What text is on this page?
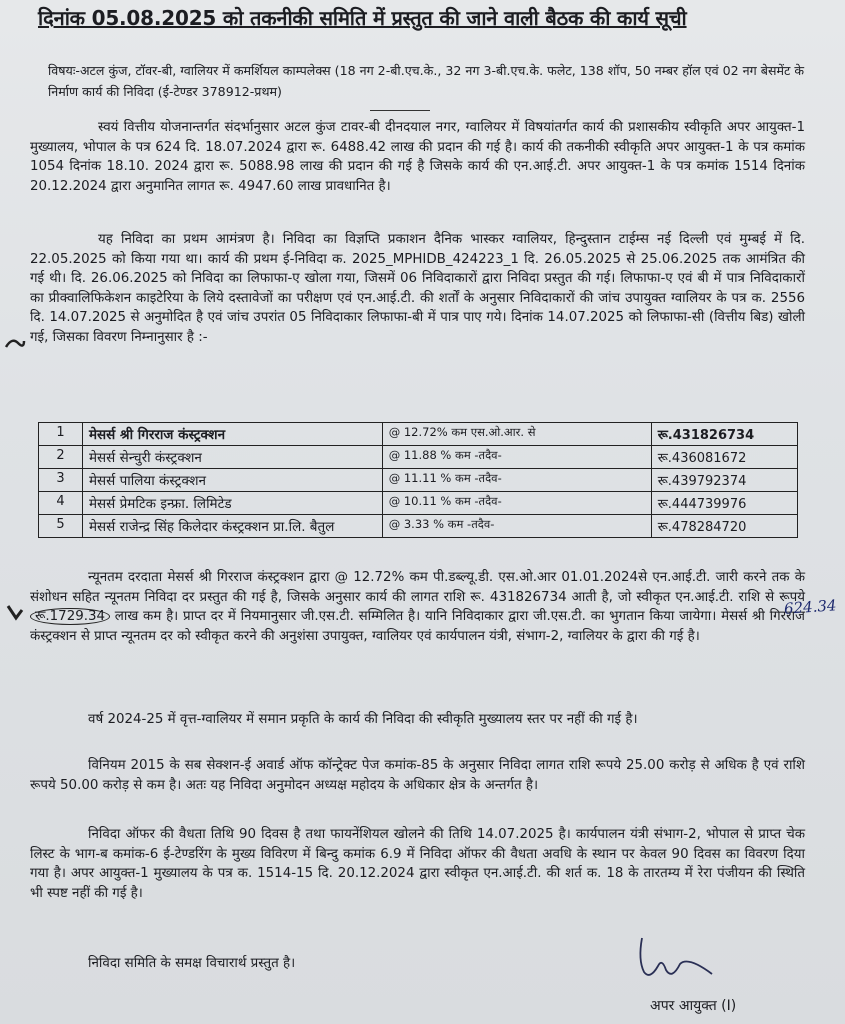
दिनांक 05.08.2025 को तकनीकी समिति में प्रस्तुत की जाने वाली बैठक की कार्य सूची
विषयः-अटल कुंज, टॉवर-बी, ग्वालियर में कमर्शियल काम्पलेक्स (18 नग 2-बी.एच.के., 32 नग 3-बी.एच.के. फलेट, 138 शॉप, 50 नम्बर हॉल एवं 02 नग बेसमेंट के निर्माण कार्य की निविदा (ई-टेण्डर 378912-प्रथम)
स्वयं वित्तीय योजनान्तर्गत संदर्भानुसार अटल कुंज टावर-बी दीनदयाल नगर, ग्वालियर में विषयांतर्गत कार्य की प्रशासकीय स्वीकृति अपर आयुक्त-1 मुख्यालय, भोपाल के पत्र 624 दि. 18.07.2024 द्वारा रू. 6488.42 लाख की प्रदान की गई है। कार्य की तकनीकी स्वीकृति अपर आयुक्त-1 के पत्र कमांक 1054 दिनांक 18.10. 2024 द्वारा रू. 5088.98 लाख की प्रदान की गई है जिसके कार्य की एन.आई.टी. अपर आयुक्त-1 के पत्र कमांक 1514 दिनांक 20.12.2024 द्वारा अनुमानित लागत रू. 4947.60 लाख प्रावधानित है।
यह निविदा का प्रथम आमंत्रण है। निविदा का विज्ञप्ति प्रकाशन दैनिक भास्कर ग्वालियर, हिन्दुस्तान टाईम्स नई दिल्ली एवं मुम्बई में दि. 22.05.2025 को किया गया था। कार्य की प्रथम ई-निविदा क. 2025_MPHIDB_424223_1 दि. 26.05.2025 से 25.06.2025 तक आमंत्रित की गई थी। दि. 26.06.2025 को निविदा का लिफाफा-ए खोला गया, जिसमें 06 निविदाकारों द्वारा निविदा प्रस्तुत की गई। लिफाफा-ए एवं बी में पात्र निविदाकारों का प्रीक्वालिफिकेशन काइटेरिया के लिये दस्तावेजों का परीक्षण एवं एन.आई.टी. की शर्तों के अनुसार निविदाकारों की जांच उपायुक्त ग्वालियर के पत्र क. 2556 दि. 14.07.2025 से अनुमोदित है एवं जांच उपरांत 05 निविदाकार लिफाफा-बी में पात्र पाए गये। दिनांक 14.07.2025 को लिफाफा-सी (वित्तीय बिड) खोली गई, जिसका विवरण निम्नानुसार है :-
1	मेसर्स श्री गिरराज कंस्ट्रक्शन	@ 12.72% कम एस.ओ.आर. से	रू.431826734
2	मेसर्स सेन्चुरी कंस्ट्रक्शन	@ 11.88 % कम -तदैव-	रू.436081672
3	मेसर्स पालिया कंस्ट्रक्शन	@ 11.11 % कम -तदैव-	रू.439792374
4	मेसर्स प्रेमटिक इन्फ्रा. लिमिटेड	@ 10.11 % कम -तदैव-	रू.444739976
5	मेसर्स राजेन्द्र सिंह किलेदार कंस्ट्रक्शन प्रा.लि. बैतुल	@ 3.33 % कम -तदैव-	रू.478284720
न्यूनतम दरदाता मेसर्स श्री गिरराज कंस्ट्रक्शन द्वारा @ 12.72% कम पी.डब्ल्यू.डी. एस.ओ.आर 01.01.2024से एन.आई.टी. जारी करने तक के संशोधन सहित न्यूनतम निविदा दर प्रस्तुत की गई है, जिसके अनुसार कार्य की लागत राशि रू. 431826734 आती है, जो स्वीकृत एन.आई.टी. राशि से रूपये रू.1729.34 लाख कम है। प्राप्त दर में नियमानुसार जी.एस.टी. सम्मिलित है। यानि निविदाकार द्वारा जी.एस.टी. का भुगतान किया जायेगा। मेसर्स श्री गिरराज कंस्ट्रक्शन से प्राप्त न्यूनतम दर को स्वीकृत करने की अनुशंसा उपायुक्त, ग्वालियर एवं कार्यपालन यंत्री, संभाग-2, ग्वालियर के द्वारा की गई है।
वर्ष 2024-25 में वृत्त-ग्वालियर में समान प्रकृति के कार्य की निविदा की स्वीकृति मुख्यालय स्तर पर नहीं की गई है।
विनियम 2015 के सब सेक्शन-ई अवार्ड ऑफ कॉन्ट्रेक्ट पेज कमांक-85 के अनुसार निविदा लागत राशि रूपये 25.00 करोड़ से अधिक है एवं राशि रूपये 50.00 करोड़ से कम है। अतः यह निविदा अनुमोदन अध्यक्ष महोदय के अधिकार क्षेत्र के अन्तर्गत है।
निविदा ऑफर की वैधता तिथि 90 दिवस है तथा फायनेंशियल खोलने की तिथि 14.07.2025 है। कार्यपालन यंत्री संभाग-2, भोपाल से प्राप्त चेक लिस्ट के भाग-ब कमांक-6 ई-टेण्डरिंग के मुख्य विविरण में बिन्दु कमांक 6.9 में निविदा ऑफर की वैधता अवधि के स्थान पर केवल 90 दिवस का विवरण दिया गया है। अपर आयुक्त-1 मुख्यालय के पत्र क. 1514-15 दि. 20.12.2024 द्वारा स्वीकृत एन.आई.टी. की शर्त क. 18 के तारतम्य में रेरा पंजीयन की स्थिति भी स्पष्ट नहीं की गई है।
निविदा समिति के समक्ष विचारार्थ प्रस्तुत है।
624.34
अपर आयुक्त (I)
